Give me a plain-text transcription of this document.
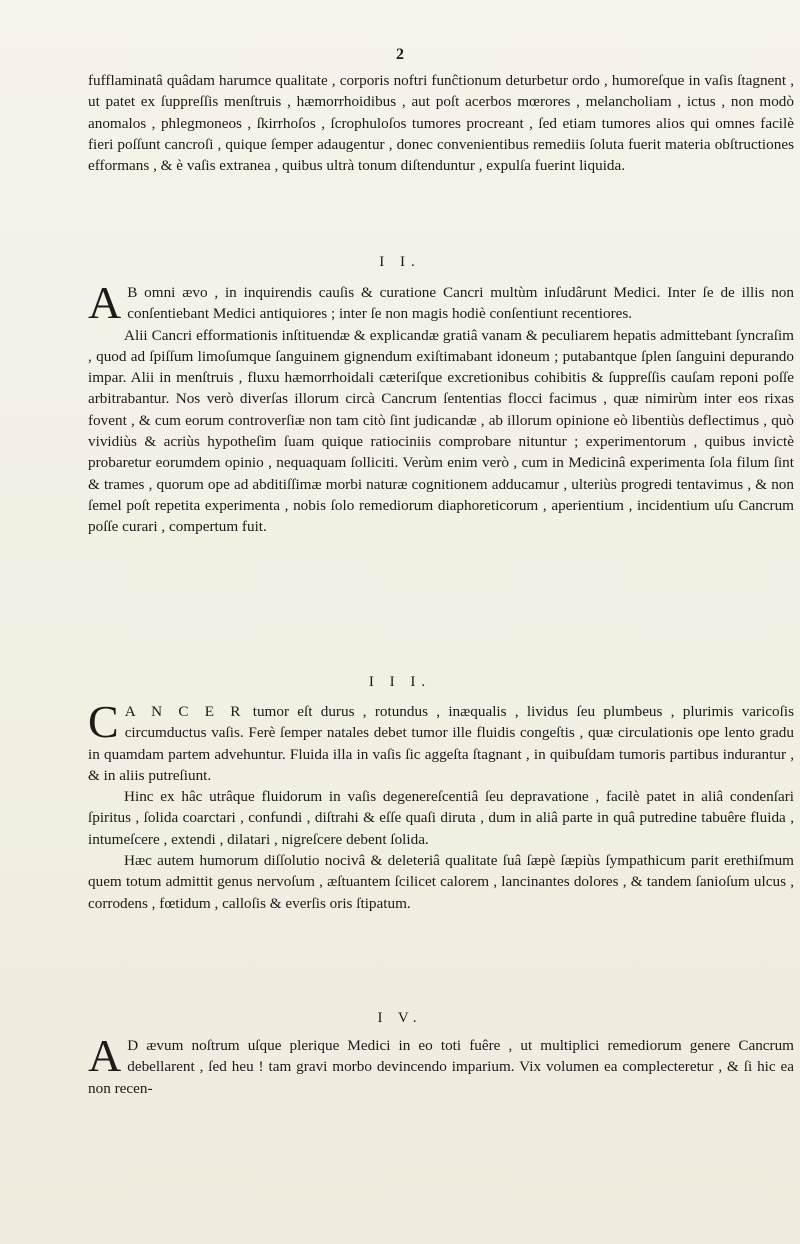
2

fufflaminatâ quâdam harumce qualitate , corporis noftri funĉtionum deturbetur ordo , humoreſque in vaſis ſtagnent , ut patet ex ſuppreſſis menſtruis , hæmorrhoidibus , aut poſt acerbos mœrores , melancholiam , ictus , non modò anomalos , phlegmoneos , ſkirrhoſos , ſcrophuloſos tumores procreant , ſed etiam tumores alios qui omnes facilè fieri poſſunt cancroſi , quique ſemper adaugentur , donec convenientibus remediis ſoluta fuerit materia obſtructiones efformans , & è vaſis extranea , quibus ultrà tonum diſtenduntur , expulſa fuerint liquida.

I I.

A B omni ævo , in inquirendis cauſis & curatione Cancri multùm inſudârunt Medici. Inter ſe de illis non conſentiebant Medici antiquiores ; inter ſe non magis hodiè conſentiunt recentiores.

Alii Cancri efformationis inſtituendæ & explicandæ gratiâ vanam & peculiarem hepatis admittebant ſyncraſim , quod ad ſpiſſum limoſumque ſanguinem gignendum exiſtimabant idoneum ; putabantque ſplen ſanguini depurando impar. Alii in menſtruis , fluxu hæmorrhoidali cæteriſque excretionibus cohibitis & ſuppreſſis cauſam reponi poſſe arbitrabantur. Nos verò diverſas illorum circà Cancrum ſententias flocci facimus , quæ nimirùm inter eos rixas fovent , & cum eorum controverſiæ non tam citò ſint judicandæ , ab illorum opinione eò libentiùs deflectimus , quò vividiùs & acriùs hypotheſim ſuam quique ratiociniis comprobare nituntur ; experimentorum , quibus invictè probaretur eorumdem opinio , nequaquam ſolliciti. Verùm enim verò , cum in Medicinâ experimenta ſola filum ſint & trames , quorum ope ad abditiſſimæ morbi naturæ cognitionem adducamur , ulteriùs progredi tentavimus , & non ſemel poſt repetita experimenta , nobis ſolo remediorum diaphoreticorum , aperientium , incidentium uſu Cancrum poſſe curari , compertum fuit.

I I I.

C A N C E R tumor eſt durus , rotundus , inæqualis , lividus ſeu plumbeus , plurimis varicoſis circumductus vaſis. Ferè ſemper natales debet tumor ille fluidis congeſtis , quæ circulationis ope lento gradu in quamdam partem advehuntur. Fluida illa in vaſis ſic aggeſta ſtagnant , in quibuſdam tumoris partibus indurantur , & in aliis putreſiunt.

Hinc ex hâc utrâque fluidorum in vaſis degenereſcentiâ ſeu depravatione , facilè patet in aliâ condenſari ſpiritus , ſolida coarctari , confundi , diſtrahi & eſſe quaſi diruta , dum in aliâ parte in quâ putredine tabuêre fluida , intumeſcere , extendi , dilatari , nigreſcere debent ſolida.

Hæc autem humorum diſſolutio nocivâ & deleteriâ qualitate ſuâ ſæpè ſæpiùs ſympathicum parit erethiſmum quem totum admittit genus nervoſum , æſtuantem ſcilicet calorem , lancinantes dolores , & tandem ſanioſum ulcus , corrodens , fœtidum , calloſis & everſis oris ſtipatum.

I V.

A D ævum noſtrum uſque plerique Medici in eo toti fuêre , ut multiplici remediorum genere Cancrum debellarent , ſed heu ! tam gravi morbo devincendo imparium. Vix volumen ea complecteretur , & ſi hic ea non recen-
